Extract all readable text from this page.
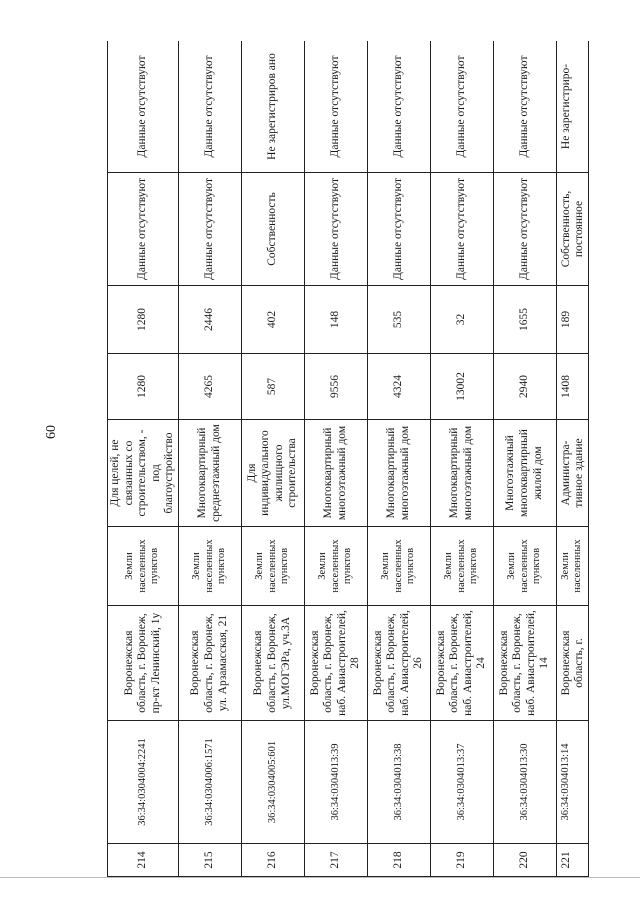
60
214	36:34:0304004:2241	Воронежская область, г. Воронеж, пр-кт Ленинский, 1у	Земли населенных пунктов	Для целей, не связанных со строительством, - под благоустройство	1280	1280	Данные отсутствуют	Данные отсутствуют
215	36:34:0304006:1571	Воронежская область, г. Воронеж, ул. Арзамасская, 21	Земли населенных пунктов	Многоквартирный среднеэтажный дом	4265	2446	Данные отсутствуют	Данные отсутствуют
216	36:34:0304005:601	Воронежская область, г. Воронеж, ул.МОГЭРа, уч.3А	Земли населенных пунктов	Для индивидуального жилищного строительства	587	402	Собственность	Не зарегистриров ано
217	36:34:0304013:39	Воронежская область, г. Воронеж, наб. Авиастроителей, 28	Земли населенных пунктов	Многоквартирный многоэтажный дом	9556	148	Данные отсутствуют	Данные отсутствуют
218	36:34:0304013:38	Воронежская область, г. Воронеж, наб. Авиастроителей, 26	Земли населенных пунктов	Многоквартирный многоэтажный дом	4324	535	Данные отсутствуют	Данные отсутствуют
219	36:34:0304013:37	Воронежская область, г. Воронеж, наб. Авиастроителей, 24	Земли населенных пунктов	Многоквартирный многоэтажный дом	13002	32	Данные отсутствуют	Данные отсутствуют
220	36:34:0304013:30	Воронежская область, г. Воронеж, наб. Авиастроителей, 14	Земли населенных пунктов	Многоэтажный многоквартирный жилой дом	2940	1655	Данные отсутствуют	Данные отсутствуют
221	36:34:0304013:14	Воронежская область, г.	Земли населенных	Администра- тивное здание	1408	189	Собственность, постоянное	Не зарегистриро-
